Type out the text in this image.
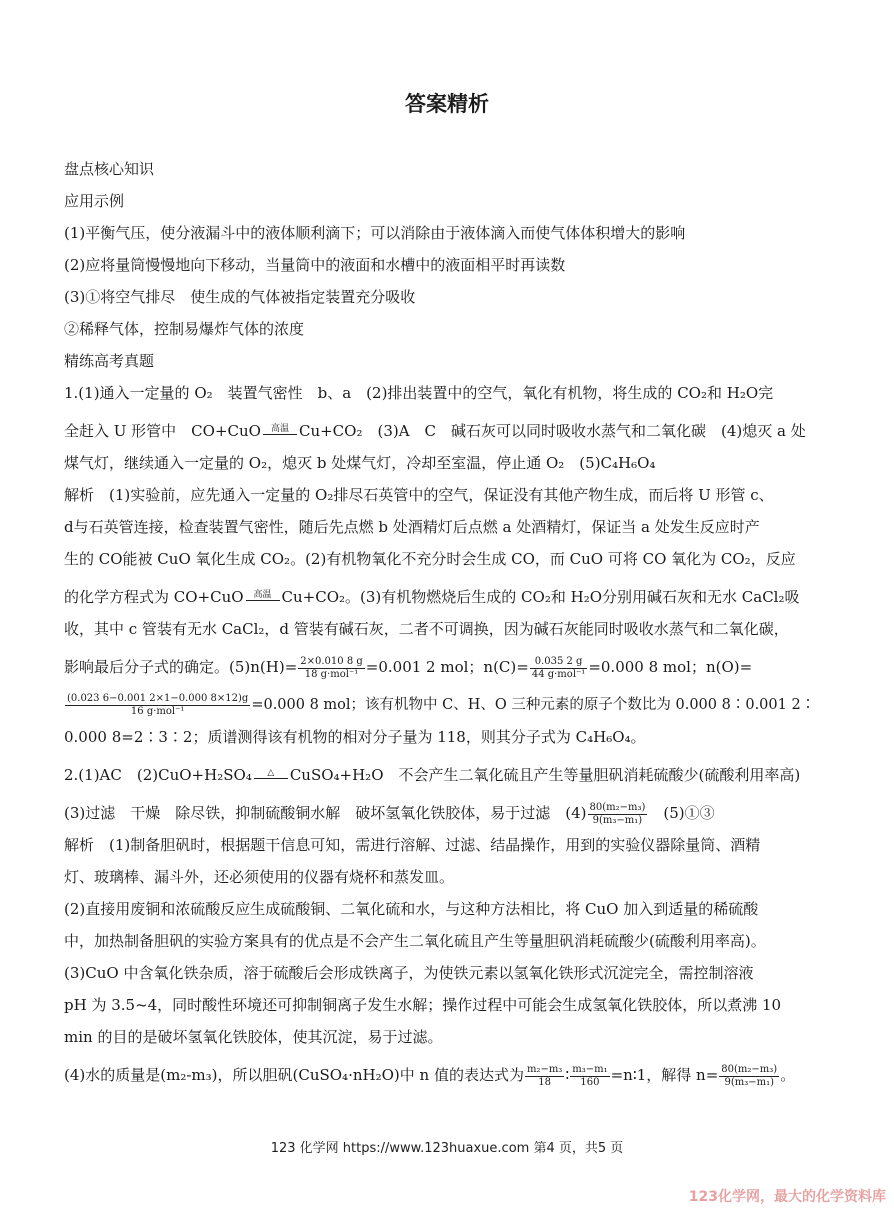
答案精析
盘点核心知识
应用示例
(1)平衡气压，使分液漏斗中的液体顺利滴下；可以消除由于液体滴入而使气体体积增大的影响
(2)应将量筒慢慢地向下移动，当量筒中的液面和水槽中的液面相平时再读数
(3)①将空气排尽　使生成的气体被指定装置充分吸收
②稀释气体，控制易爆炸气体的浓度
精练高考真题
1.(1)通入一定量的 O₂　装置气密性　b、a　(2)排出装置中的空气，氧化有机物，将生成的 CO₂和 H₂O完
全赶入 U 形管中　CO+CuO	高温 Cu+CO₂　(3)A　C　碱石灰可以同时吸收水蒸气和二氧化碳　(4)熄灭 a 处
煤气灯，继续通入一定量的 O₂，熄灭 b 处煤气灯，冷却至室温，停止通 O₂　(5)C₄H₆O₄
解析　(1)实验前，应先通入一定量的 O₂排尽石英管中的空气，保证没有其他产物生成，而后将 U 形管 c、
d与石英管连接，检查装置气密性，随后先点燃 b 处酒精灯后点燃 a 处酒精灯，保证当 a 处发生反应时产
生的 CO能被 CuO 氧化生成 CO₂。(2)有机物氧化不充分时会生成 CO，而 CuO 可将 CO 氧化为 CO₂，反应
的化学方程式为 CO+CuO	高温 Cu+CO₂。(3)有机物燃烧后生成的 CO₂和 H₂O分别用碱石灰和无水 CaCl₂吸
收，其中 c 管装有无水 CaCl₂，d 管装有碱石灰，二者不可调换，因为碱石灰能同时吸收水蒸气和二氧化碳，
影响最后分子式的确定。$(5)n(H)= \frac{2\times 0.010 8 g}{\text{18 g·mol⁻¹}} =0.001$ 2 mol；$n(C)= \frac{0.035 2 g}{\text{44 g·mol⁻¹}} =0.000$ 8 mol；n(O)=
$\frac{(0.023 6-0.001 2\times 1-0.000 8\times 12)g}{\text{16 g·mol⁻¹}} =0.000$ 8 mol；该有机物中 C、H、O 三种元素的原子个数比为 0.000 8∶0.001 2∶
0.000 8=2∶3∶2；质谱测得该有机物的相对分子量为 118，则其分子式为 C₄H₆O₄。
2.(1)AC　(2)CuO+H₂SO₄	△	CuSO₄+H₂O　不会产生二氧化硫且产生等量胆矾消耗硫酸少(硫酸利用率高)
(3)过滤　干燥　除尽铁，抑制硫酸铜水解　破坏氢氧化铁胶体，易于过滤　$(4) \frac{\text{80(m₂−m₃)}}{\text{9(m₃−m₁)}}$ 　(5)①③
解析　(1)制备胆矾时，根据题干信息可知，需进行溶解、过滤、结晶操作，用到的实验仪器除量筒、酒精
灯、玻璃棒、漏斗外，还必须使用的仪器有烧杯和蒸发皿。
(2)直接用废铜和浓硫酸反应生成硫酸铜、二氧化硫和水，与这种方法相比，将 CuO 加入到适量的稀硫酸
中，加热制备胆矾的实验方案具有的优点是不会产生二氧化硫且产生等量胆矾消耗硫酸少(硫酸利用率高)。
(3)CuO 中含氧化铁杂质，溶于硫酸后会形成铁离子，为使铁元素以氢氧化铁形式沉淀完全，需控制溶液
pH 为 3.5~4，同时酸性环境还可抑制铜离子发生水解；操作过程中可能会生成氢氧化铁胶体，所以煮沸 10
min 的目的是破坏氢氧化铁胶体，使其沉淀，易于过滤。
(4)水的质量是(m₂-m₃)，所以胆矾(CuSO₄·nH₂O)中 n 值的表达式为 $\frac{\text{m₂−m₃}}{18}$ ∶ $\frac{\text{m₃−m₁}}{160}$ =n∶1，解得 $n= \frac{\text{80(m₂−m₃)}}{\text{9(m₃−m₁)}}$ 。
123 化学网 https://www.123huaxue.com 第4 页，共5 页
123化学网，最大的化学资料库
